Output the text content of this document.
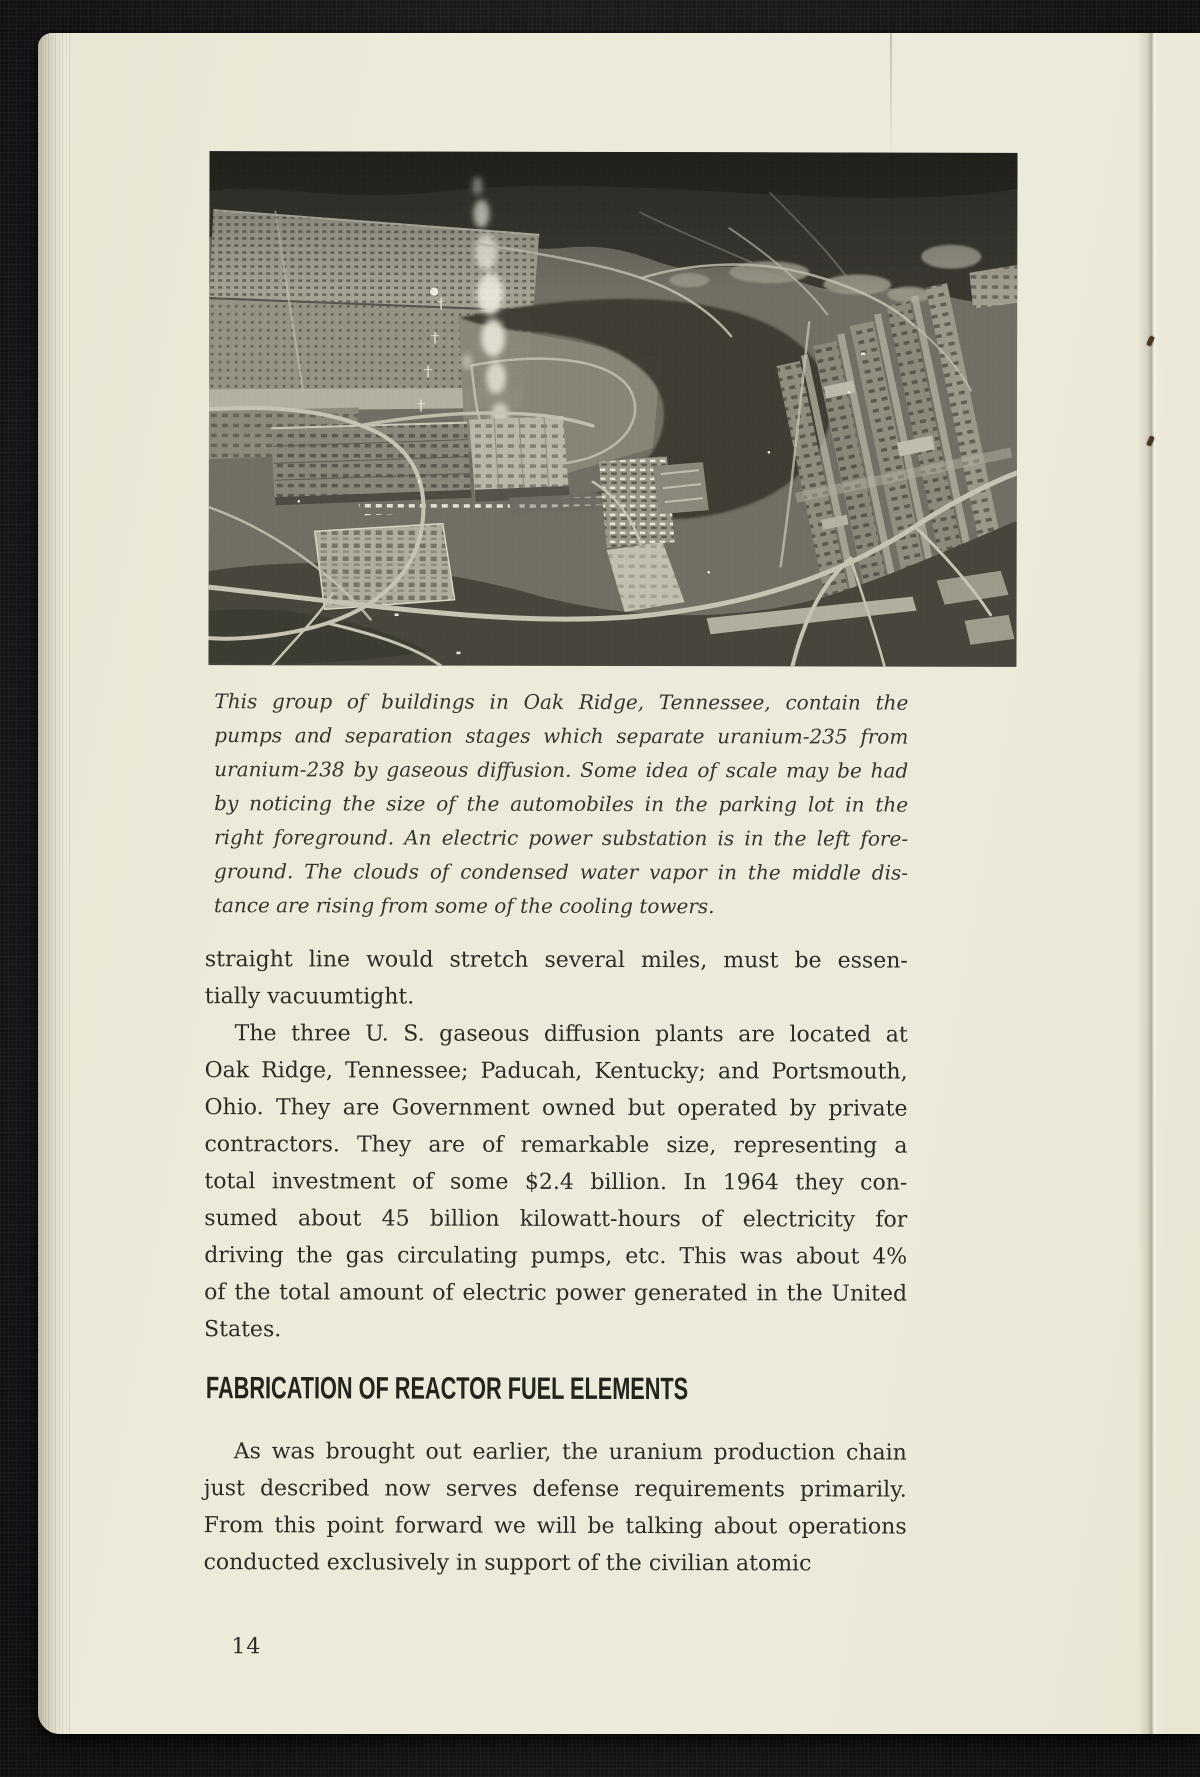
This group of buildings in Oak Ridge, Tennessee, contain the
pumps and separation stages which separate uranium-235 from
uranium-238 by gaseous diffusion. Some idea of scale may be had
by noticing the size of the automobiles in the parking lot in the
right foreground. An electric power substation is in the left fore-
ground. The clouds of condensed water vapor in the middle dis-
tance are rising from some of the cooling towers.
straight line would stretch several miles, must be essen-
tially vacuumtight.
The three U. S. gaseous diffusion plants are located at
Oak Ridge, Tennessee; Paducah, Kentucky; and Portsmouth,
Ohio. They are Government owned but operated by private
contractors. They are of remarkable size, representing a
total investment of some $2.4 billion. In 1964 they con-
sumed about 45 billion kilowatt-hours of electricity for
driving the gas circulating pumps, etc. This was about 4%
of the total amount of electric power generated in the United
States.
FABRICATION OF REACTOR FUEL ELEMENTS
As was brought out earlier, the uranium production chain
just described now serves defense requirements primarily.
From this point forward we will be talking about operations
conducted exclusively in support of the civilian atomic
14
